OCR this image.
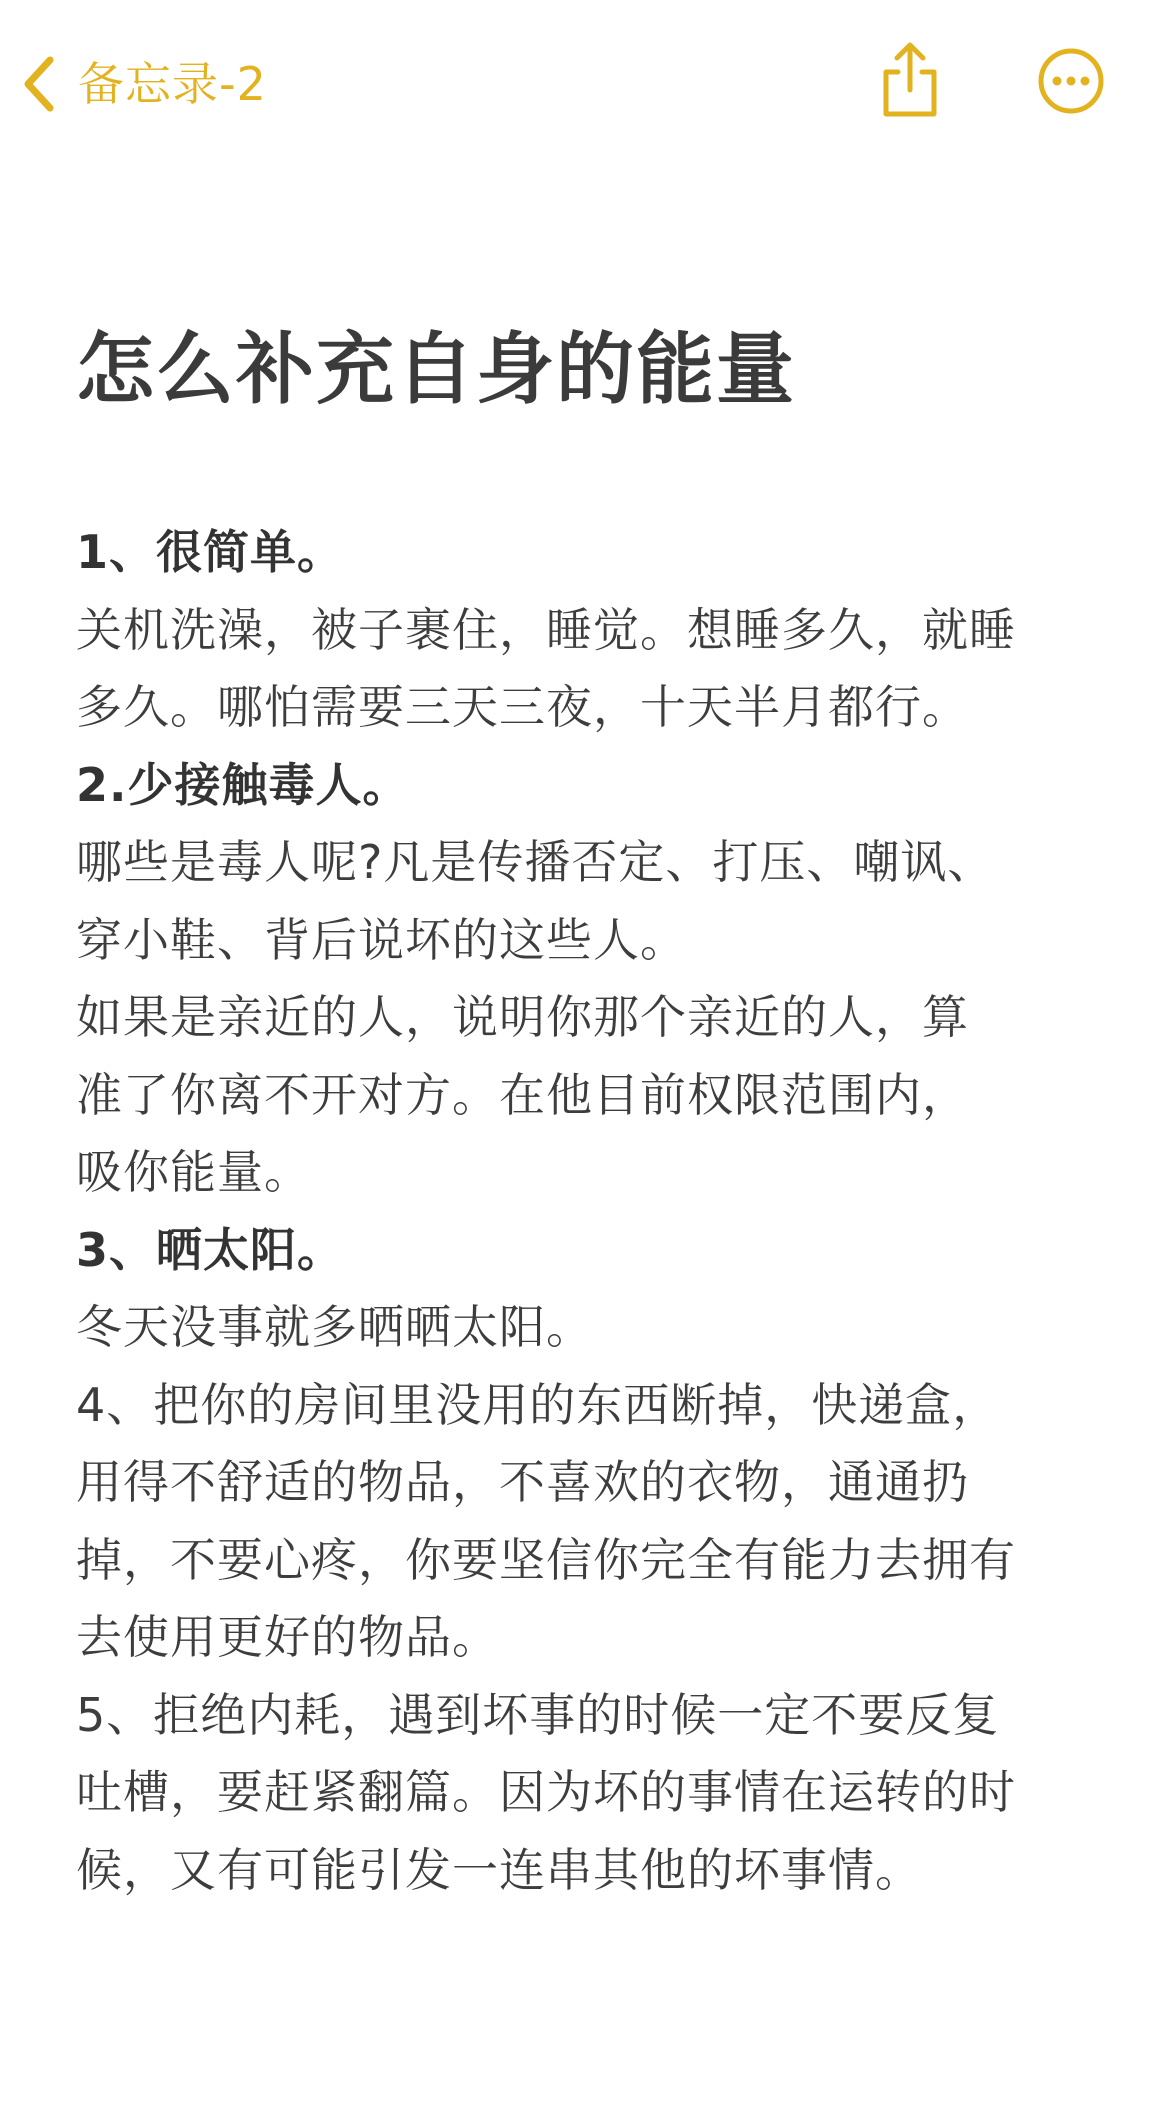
备忘录-2
怎么补充自身的能量
1、很简单。
关机洗澡，被子裹住，睡觉。想睡多久，就睡
多久。哪怕需要三天三夜，十天半月都行。
2.少接触毒人。
哪些是毒人呢?凡是传播否定、打压、嘲讽、
穿小鞋、背后说坏的这些人。
如果是亲近的人，说明你那个亲近的人，算
准了你离不开对方。在他目前权限范围内，
吸你能量。
3、晒太阳。
冬天没事就多晒晒太阳。
4、把你的房间里没用的东西断掉，快递盒，
用得不舒适的物品，不喜欢的衣物，通通扔
掉，不要心疼，你要坚信你完全有能力去拥有
去使用更好的物品。
5、拒绝内耗，遇到坏事的时候一定不要反复
吐槽，要赶紧翻篇。因为坏的事情在运转的时
候，又有可能引发一连串其他的坏事情。
